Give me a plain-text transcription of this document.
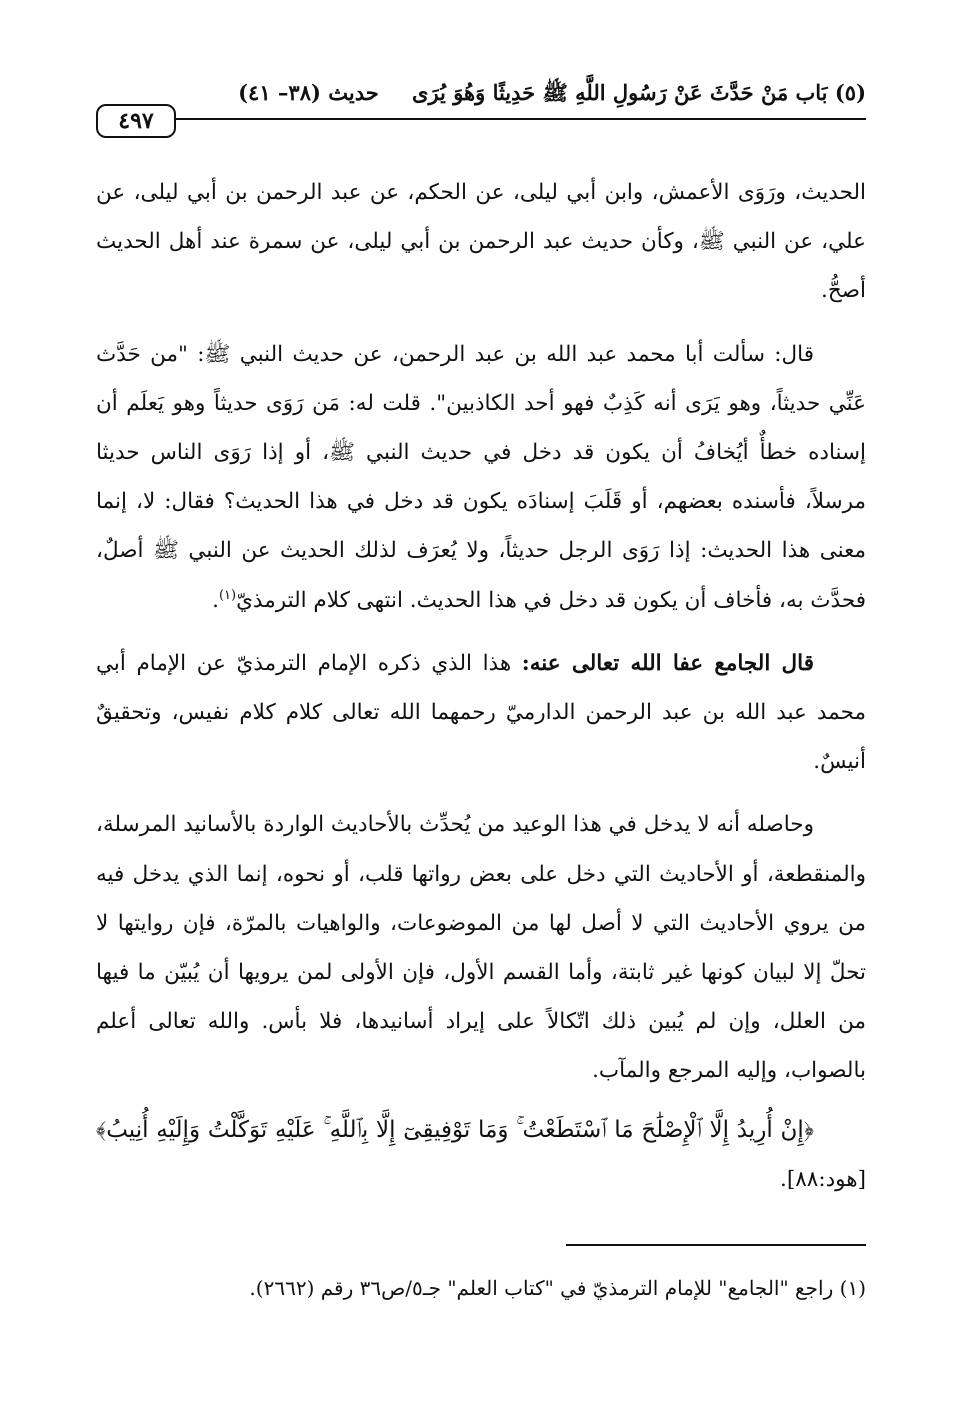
٤٩٧
(٥) بَاب مَنْ حَدَّثَ عَنْ رَسُولِ اللَّهِ ﷺ حَدِيثًا وَهُوَ يُرَى حديث (٣٨– ٤١)

الحديث، ورَوَى الأعمش، وابن أبي ليلى، عن الحكم، عن عبد الرحمن بن أبي ليلى، عن علي، عن النبي ﷺ، وكأن حديث عبد الرحمن بن أبي ليلى، عن سمرة عند أهل الحديث أصحُّ.

قال: سألت أبا محمد عبد الله بن عبد الرحمن، عن حديث النبي ﷺ: "من حَدَّث عَنِّي حديثاً، وهو يَرَى أنه كَذِبٌ فهو أحد الكاذبين". قلت له: مَن رَوَى حديثاً وهو يَعلَم أن إسناده خطأٌ أيُخافُ أن يكون قد دخل في حديث النبي ﷺ، أو إذا رَوَى الناس حديثا مرسلاً، فأسنده بعضهم، أو قَلَبَ إسنادَه يكون قد دخل في هذا الحديث؟ فقال: لا، إنما معنى هذا الحديث: إذا رَوَى الرجل حديثاً، ولا يُعرَف لذلك الحديث عن النبي ﷺ أصلٌ، فحدَّث به، فأخاف أن يكون قد دخل في هذا الحديث. انتهى كلام الترمذيّ$^{(١)}$.

قال الجامع عفا الله تعالى عنه: هذا الذي ذكره الإمام الترمذيّ عن الإمام أبي محمد عبد الله بن عبد الرحمن الدارميّ رحمهما الله تعالى كلام كلام نفيس، وتحقيقٌ أنيسٌ.

وحاصله أنه لا يدخل في هذا الوعيد من يُحدِّث بالأحاديث الواردة بالأسانيد المرسلة، والمنقطعة، أو الأحاديث التي دخل على بعض رواتها قلب، أو نحوه، إنما الذي يدخل فيه من يروي الأحاديث التي لا أصل لها من الموضوعات، والواهيات بالمرّة، فإن روايتها لا تحلّ إلا لبيان كونها غير ثابتة، وأما القسم الأول، فإن الأولى لمن يرويها أن يُبيّن ما فيها من العلل، وإن لم يُبين ذلك اتّكالاً على إيراد أسانيدها، فلا بأس. والله تعالى أعلم بالصواب، وإليه المرجع والمآب.

﴿إِنْ أُرِيدُ إِلَّا ٱلْإِصْلَٰحَ مَا ٱسْتَطَعْتُ ۚ وَمَا تَوْفِيقِىٓ إِلَّا بِٱللَّهِ ۚ عَلَيْهِ تَوَكَّلْتُ وَإِلَيْهِ أُنِيبُ﴾ [هود:٨٨].

(١) راجع "الجامع" للإمام الترمذيّ في "كتاب العلم" جـ٥/ص٣٦ رقم (٢٦٦٢).
